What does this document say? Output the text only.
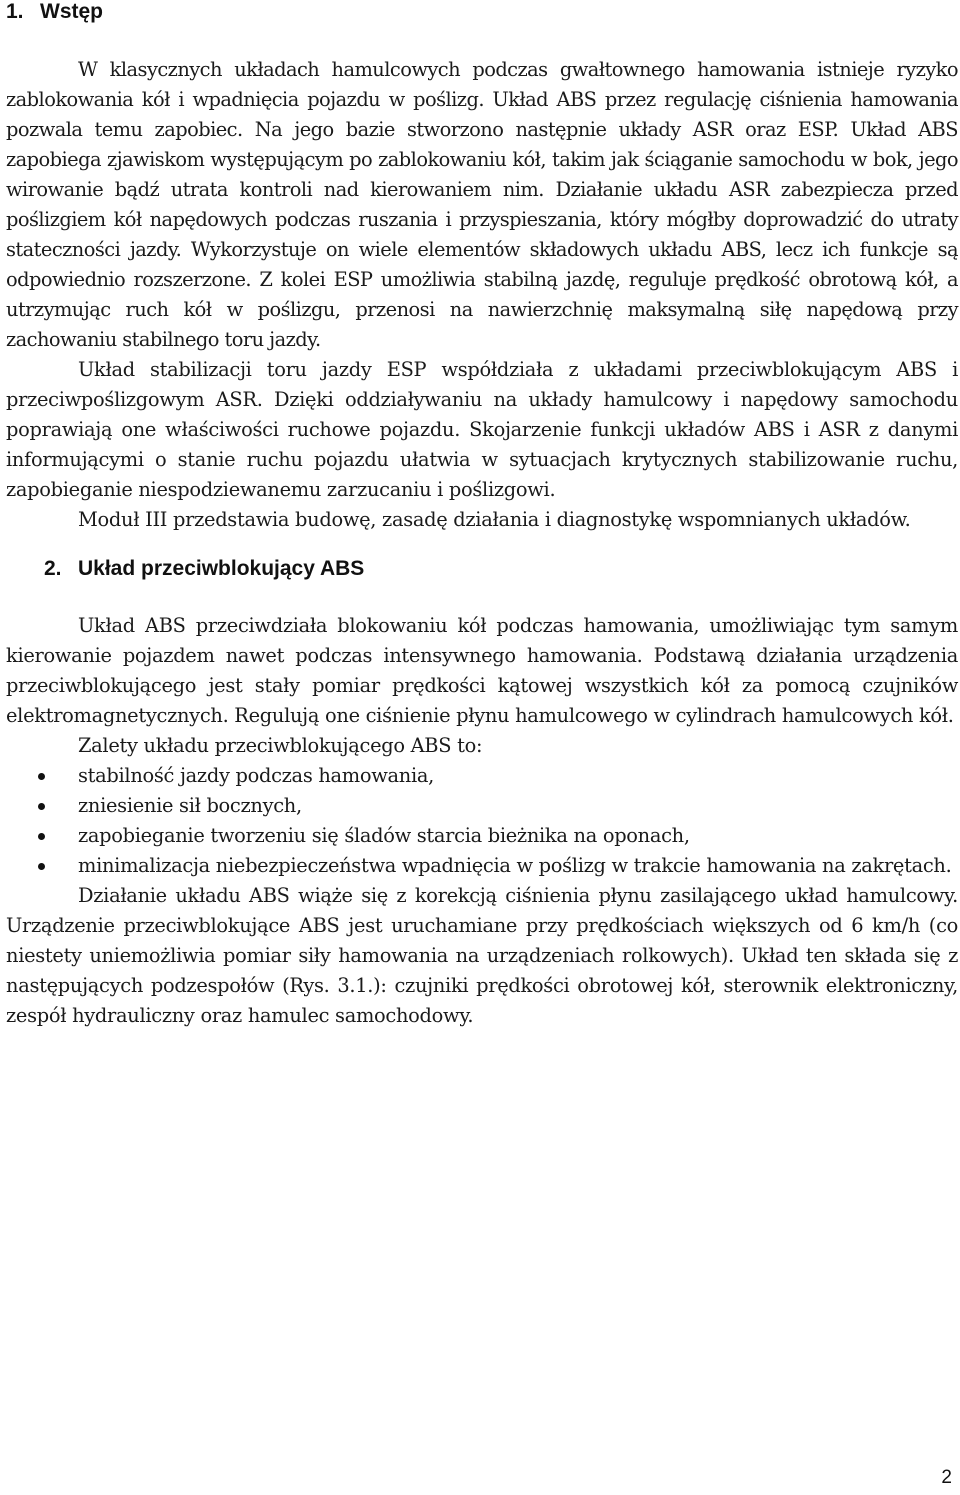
1. Wstęp

W klasycznych układach hamulcowych podczas gwałtownego hamowania istnieje ryzyko zablokowania kół i wpadnięcia pojazdu w poślizg. Układ ABS przez regulację ciśnienia hamowania pozwala temu zapobiec. Na jego bazie stworzono następnie układy ASR oraz ESP. Układ ABS zapobiega zjawiskom występującym po zablokowaniu kół, takim jak ściąganie samochodu w bok, jego wirowanie bądź utrata kontroli nad kierowaniem nim. Działanie układu ASR zabezpiecza przed poślizgiem kół napędowych podczas ruszania i przyspieszania, który mógłby doprowadzić do utraty stateczności jazdy. Wykorzystuje on wiele elementów składowych układu ABS, lecz ich funkcje są odpowiednio rozszerzone. Z kolei ESP umożliwia stabilną jazdę, reguluje prędkość obrotową kół, a utrzymując ruch kół w poślizgu, przenosi na nawierzchnię maksymalną siłę napędową przy zachowaniu stabilnego toru jazdy.

Układ stabilizacji toru jazdy ESP współdziała z układami przeciwblokującym ABS i przeciwpoślizgowym ASR. Dzięki oddziaływaniu na układy hamulcowy i napędowy samochodu poprawiają one właściwości ruchowe pojazdu. Skojarzenie funkcji układów ABS i ASR z danymi informującymi o stanie ruchu pojazdu ułatwia w sytuacjach krytycznych stabilizowanie ruchu, zapobieganie niespodziewanemu zarzucaniu i poślizgowi.

Moduł III przedstawia budowę, zasadę działania i diagnostykę wspomnianych układów.

2. Układ przeciwblokujący ABS

Układ ABS przeciwdziała blokowaniu kół podczas hamowania, umożliwiając tym samym kierowanie pojazdem nawet podczas intensywnego hamowania. Podstawą działania urządzenia przeciwblokującego jest stały pomiar prędkości kątowej wszystkich kół za pomocą czujników elektromagnetycznych. Regulują one ciśnienie płynu hamulcowego w cylindrach hamulcowych kół.

Zalety układu przeciwblokującego ABS to:

stabilność jazdy podczas hamowania,
zniesienie sił bocznych,
zapobieganie tworzeniu się śladów starcia bieżnika na oponach,
minimalizacja niebezpieczeństwa wpadnięcia w poślizg w trakcie hamowania na zakrętach.

Działanie układu ABS wiąże się z korekcją ciśnienia płynu zasilającego układ hamulcowy. Urządzenie przeciwblokujące ABS jest uruchamiane przy prędkościach większych od 6 km/h (co niestety uniemożliwia pomiar siły hamowania na urządzeniach rolkowych). Układ ten składa się z następujących podzespołów (Rys. 3.1.): czujniki prędkości obrotowej kół, sterownik elektroniczny, zespół hydrauliczny oraz hamulec samochodowy.

2
